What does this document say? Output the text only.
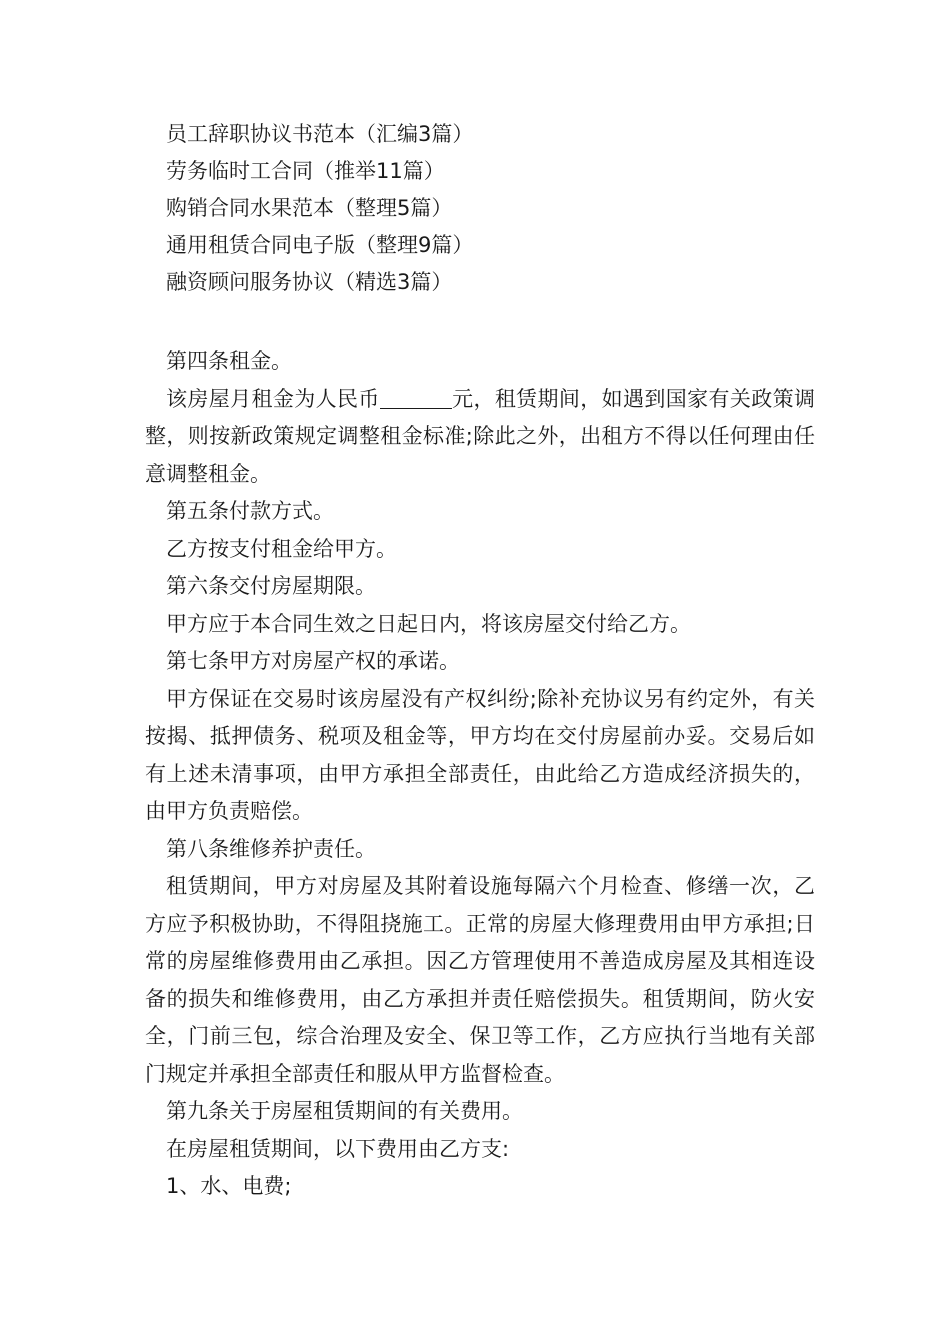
员工辞职协议书范本（汇编3篇）
劳务临时工合同（推举11篇）
购销合同水果范本（整理5篇）
通用租赁合同电子版（整理9篇）
融资顾问服务协议（精选3篇）

第四条租金。

该房屋月租金为人民币	元，租赁期间，如遇到国家有关政策调整，则按新政策规定调整租金标准;除此之外，出租方不得以任何理由任意调整租金。

第五条付款方式。

乙方按支付租金给甲方。

第六条交付房屋期限。

甲方应于本合同生效之日起日内，将该房屋交付给乙方。

第七条甲方对房屋产权的承诺。

甲方保证在交易时该房屋没有产权纠纷;除补充协议另有约定外，有关按揭、抵押债务、税项及租金等，甲方均在交付房屋前办妥。交易后如有上述未清事项，由甲方承担全部责任，由此给乙方造成经济损失的，由甲方负责赔偿。

第八条维修养护责任。

租赁期间，甲方对房屋及其附着设施每隔六个月检查、修缮一次，乙方应予积极协助，不得阻挠施工。正常的房屋大修理费用由甲方承担;日常的房屋维修费用由乙承担。因乙方管理使用不善造成房屋及其相连设备的损失和维修费用，由乙方承担并责任赔偿损失。租赁期间，防火安全，门前三包，综合治理及安全、保卫等工作，乙方应执行当地有关部门规定并承担全部责任和服从甲方监督检查。

第九条关于房屋租赁期间的有关费用。

在房屋租赁期间，以下费用由乙方支:

1、水、电费;
